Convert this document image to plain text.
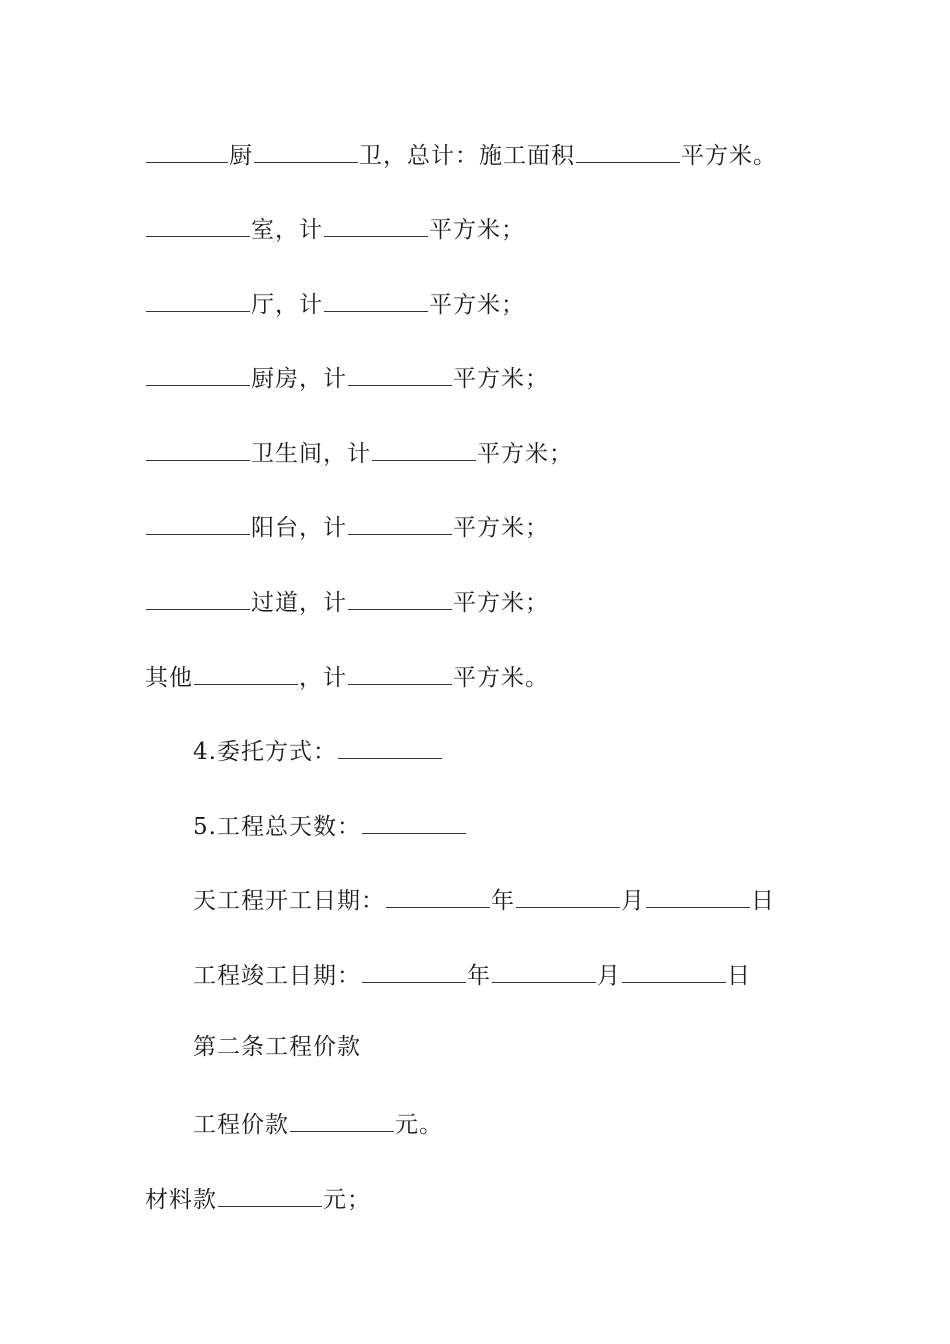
厨	卫，总计：施工面积	平方米。
室，计	平方米；
厅，计	平方米；
厨房，计	平方米；
卫生间，计	平方米；
阳台，计	平方米；
过道，计	平方米；
其他	，计	平方米。
4.委托方式：
5.工程总天数：
天工程开工日期：	年	月	日
工程竣工日期：	年	月	日
第二条工程价款
工程价款	元。
材料款	元；
